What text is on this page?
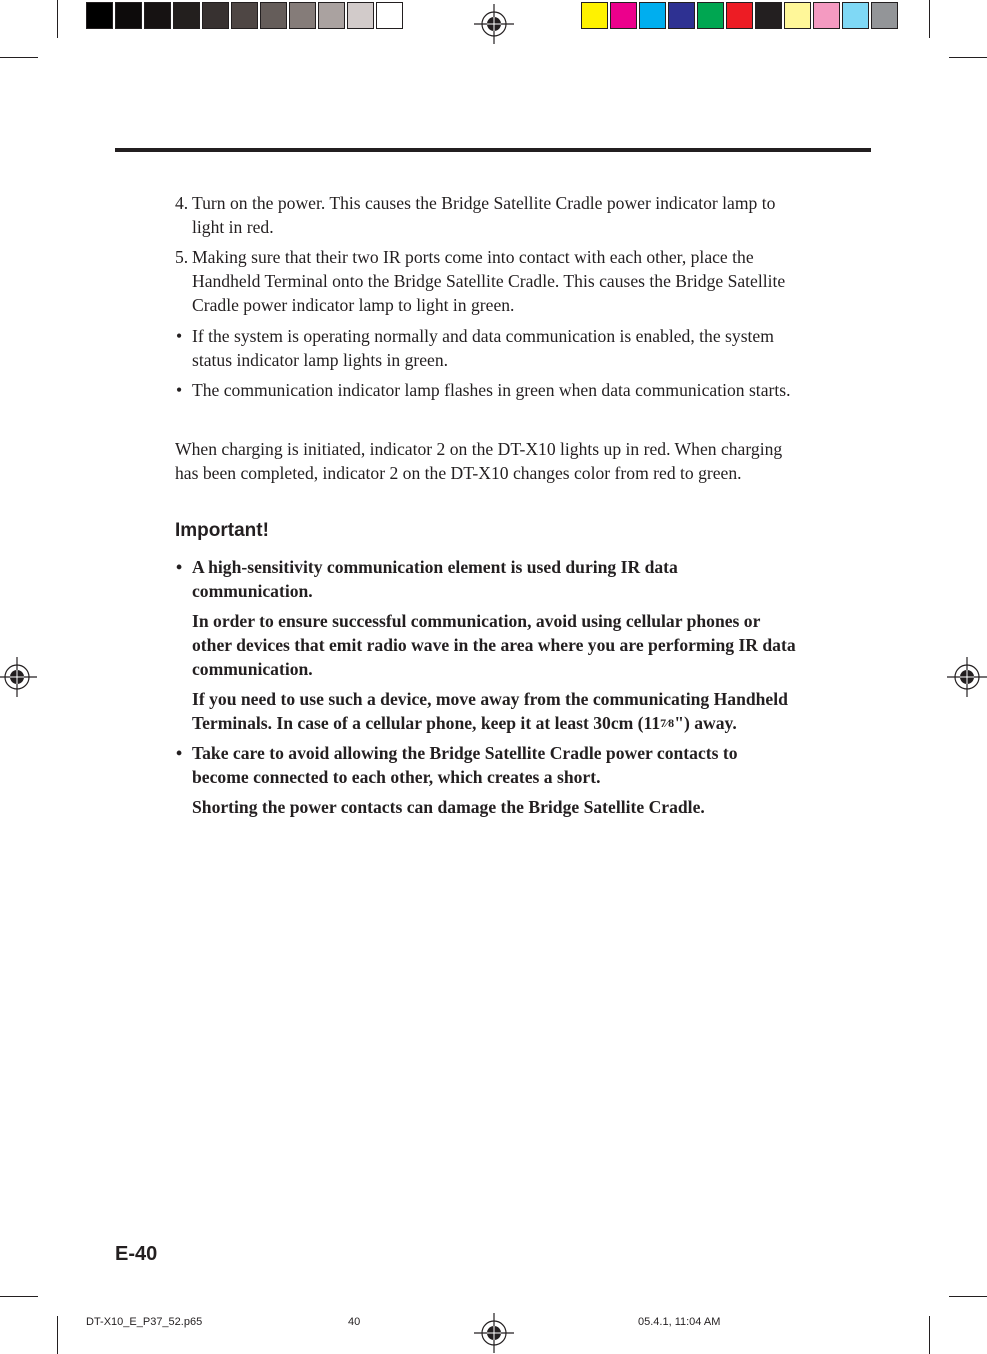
4. Turn on the power. This causes the Bridge Satellite Cradle power indicator lamp to
light in red.
5. Making sure that their two IR ports come into contact with each other, place the
Handheld Terminal onto the Bridge Satellite Cradle. This causes the Bridge Satellite
Cradle power indicator lamp to light in green.
• If the system is operating normally and data communication is enabled, the system
status indicator lamp lights in green.
• The communication indicator lamp flashes in green when data communication starts.
When charging is initiated, indicator 2 on the DT-X10 lights up in red. When charging
has been completed, indicator 2 on the DT-X10 changes color from red to green.
Important!
• A high-sensitivity communication element is used during IR data
communication.
In order to ensure successful communication, avoid using cellular phones or
other devices that emit radio wave in the area where you are performing IR data
communication.
If you need to use such a device, move away from the communicating Handheld
Terminals. In case of a cellular phone, keep it at least 30cm (117⁄8") away.
• Take care to avoid allowing the Bridge Satellite Cradle power contacts to
become connected to each other, which creates a short.
Shorting the power contacts can damage the Bridge Satellite Cradle.
E-40
DT-X10_E_P37_52.p65	40	05.4.1, 11:04 AM
